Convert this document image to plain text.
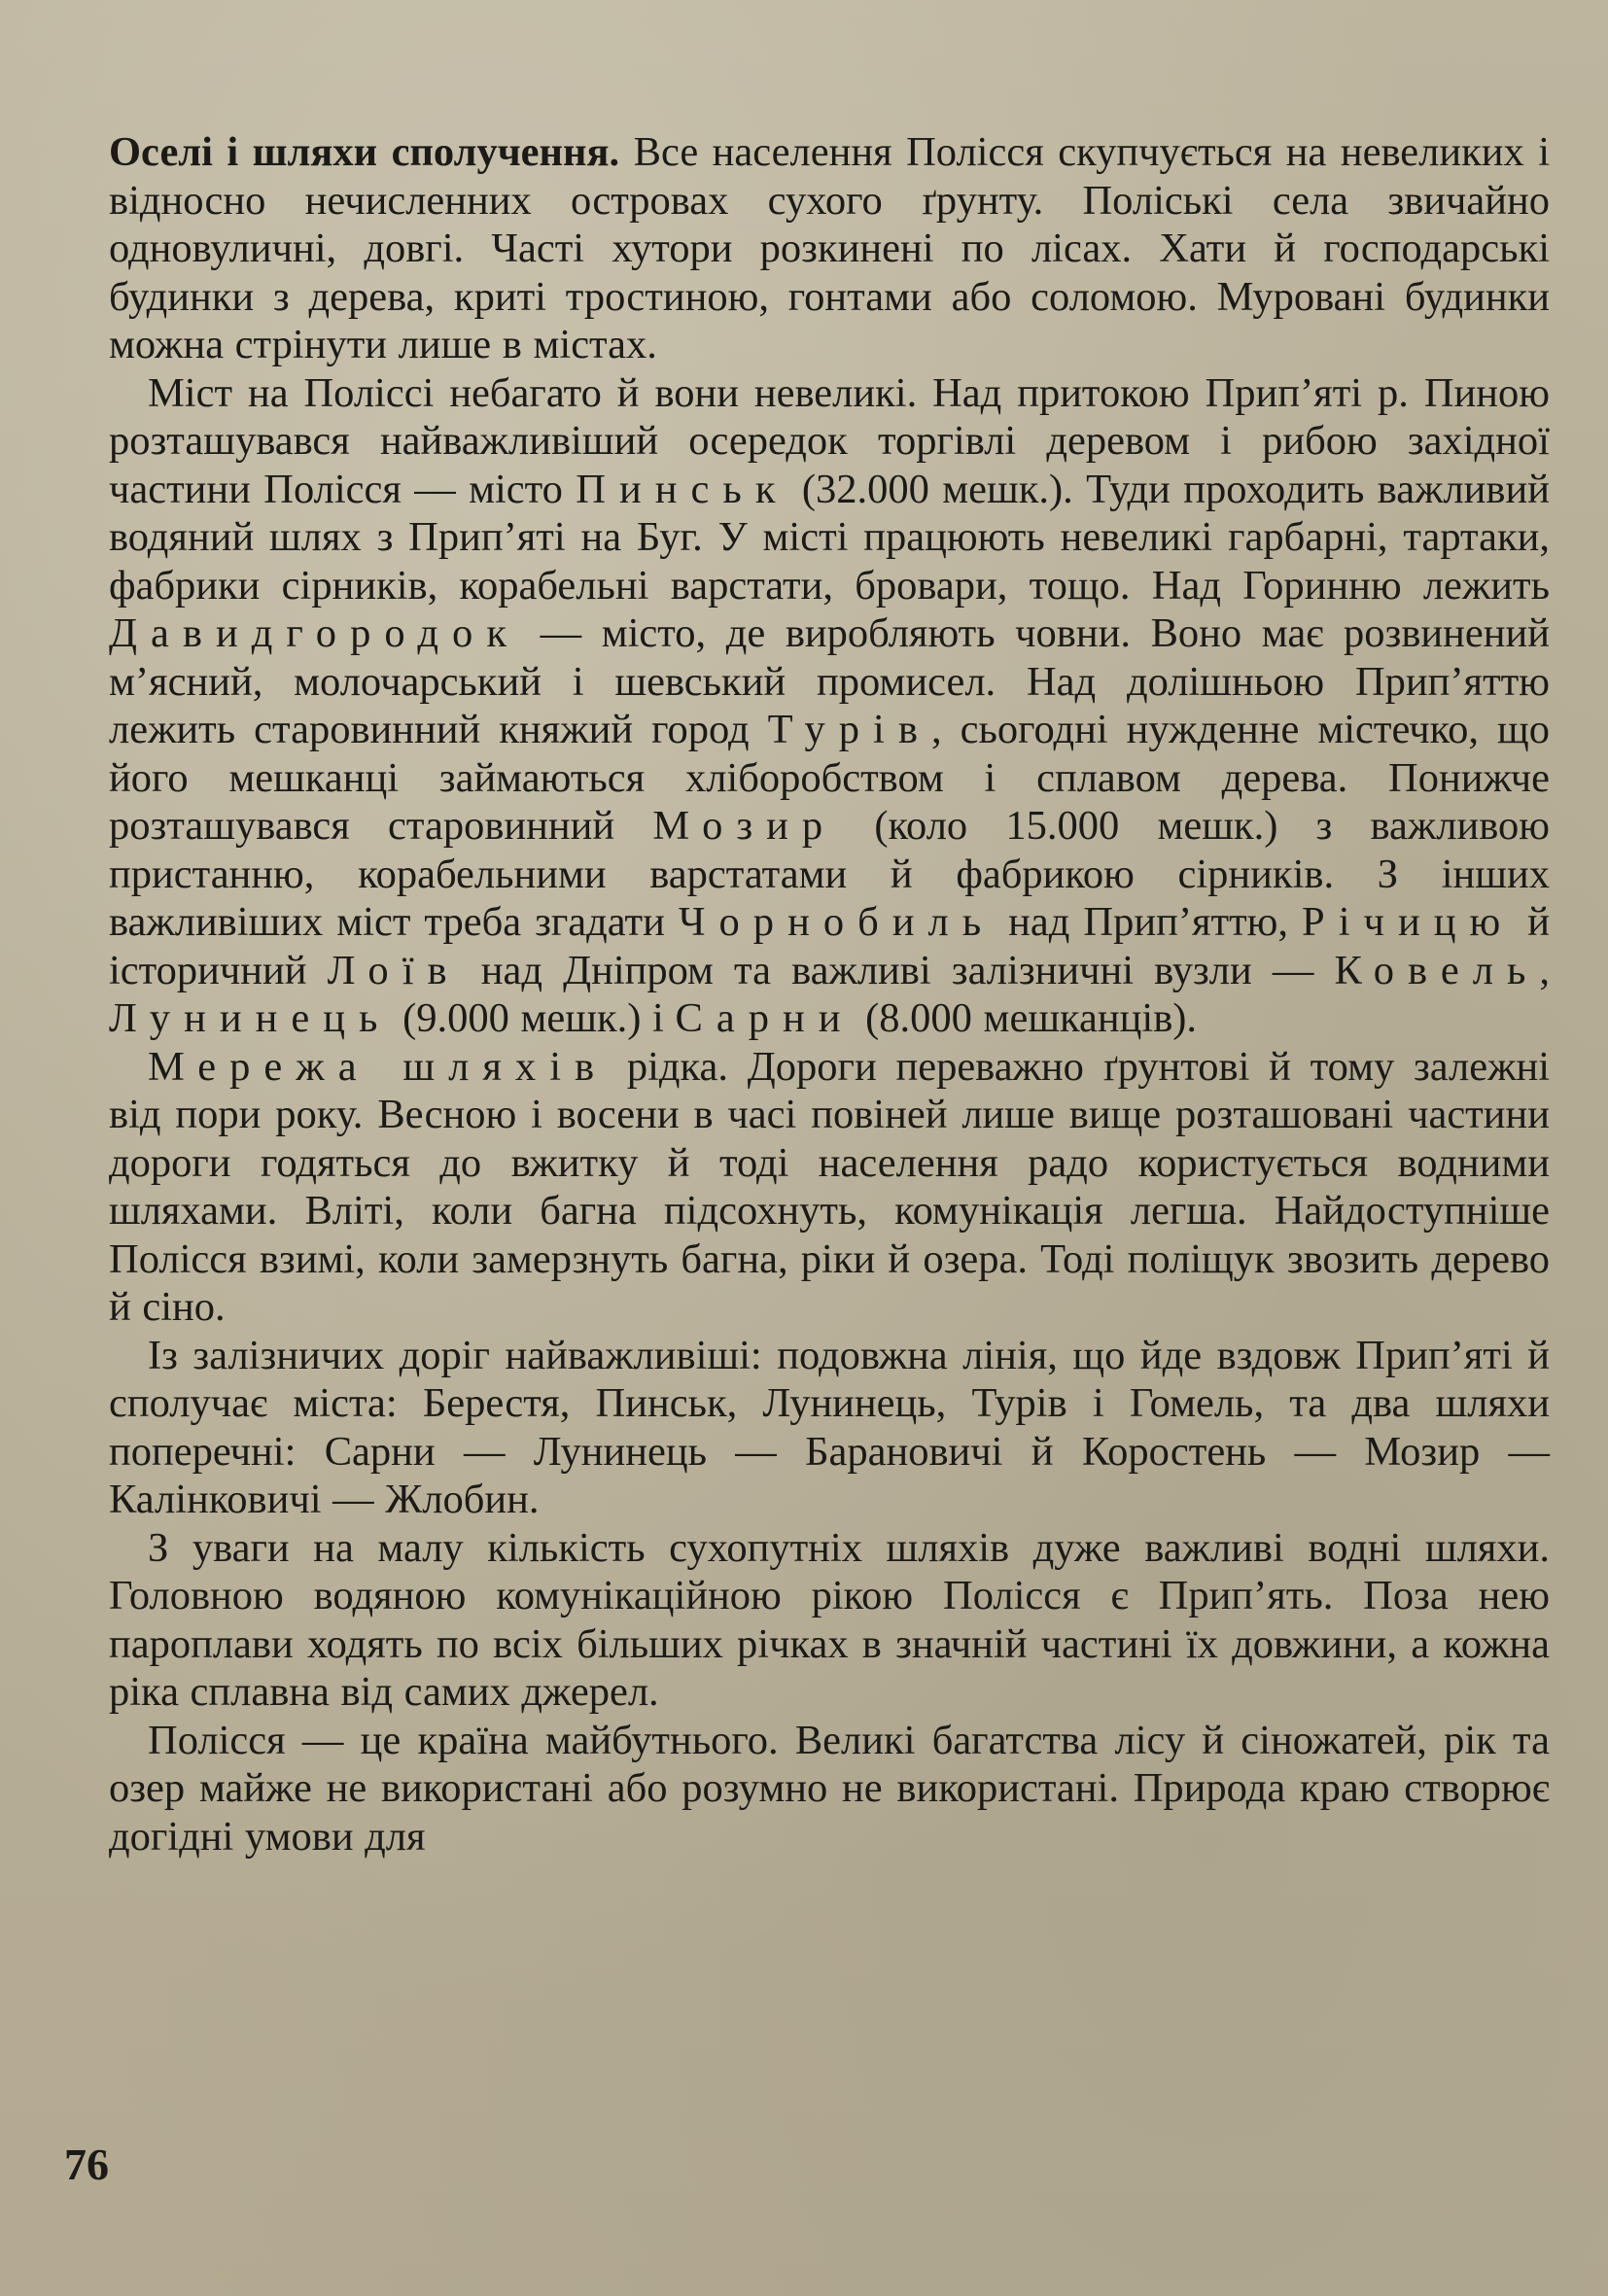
Оселі і шляхи сполучення. Все населення Полісся скупчується на невеликих і відносно нечисленних островах сухого ґрунту. Поліські села звичайно одновуличні, довгі. Часті хутори розкинені по лісах. Хати й господарські будинки з дерева, криті тростиною, гонтами або соломою. Муровані будинки можна стрінути лише в містах.

Міст на Поліссі небагато й вони невеликі. Над притокою Прип’яті р. Пиною розташувався найважливіший осередок торгівлі деревом і рибою західної частини Полісся — місто Пинськ (32.000 мешк.). Туди проходить важливий водяний шлях з Прип’яті на Буг. У місті працюють невеликі гарбарні, тартаки, фабрики сірників, корабельні варстати, бровари, тощо. Над Горинню лежить Давидгородок — місто, де виробляють човни. Воно має розвинений м’ясний, молочарський і шевський промисел. Над долішньою Прип’яттю лежить старовинний княжий город Турів, сьогодні нужденне містечко, що його мешканці займаються хліборобством і сплавом дерева. Понижче розташувався старовинний Мозир (коло 15.000 мешк.) з важливою пристанню, корабельними варстатами й фабрикою сірників. З інших важливіших міст треба згадати Чорнобиль над Прип’яттю, Річицю й історичний Лоїв над Дніпром та важливі залізничні вузли — Ковель, Лунинець (9.000 мешк.) і Сарни (8.000 мешканців).

Мережа шляхів рідка. Дороги переважно ґрунтові й тому залежні від пори року. Весною і восени в часі повіней лише вище розташовані частини дороги годяться до вжитку й тоді населення радо користується водними шляхами. Вліті, коли багна підсохнуть, комунікація легша. Найдоступніше Полісся взимі, коли замерзнуть багна, ріки й озера. Тоді поліщук звозить дерево й сіно.

Із залізничих доріг найважливіші: подовжна лінія, що йде вздовж Прип’яті й сполучає міста: Берестя, Пинськ, Лунинець, Турів і Гомель, та два шляхи поперечні: Сарни — Лунинець — Барановичі й Коростень — Мозир — Калінковичі — Жлобин.

З уваги на малу кількість сухопутніх шляхів дуже важливі водні шляхи. Головною водяною комунікаційною рікою Полісся є Прип’ять. Поза нею пароплави ходять по всіх більших річках в значній частині їх довжини, а кожна ріка сплавна від самих джерел.

Полісся — це країна майбутнього. Великі багатства лісу й сіножатей, рік та озер майже не використані або розумно не використані. Природа краю створює догідні умови для

76
